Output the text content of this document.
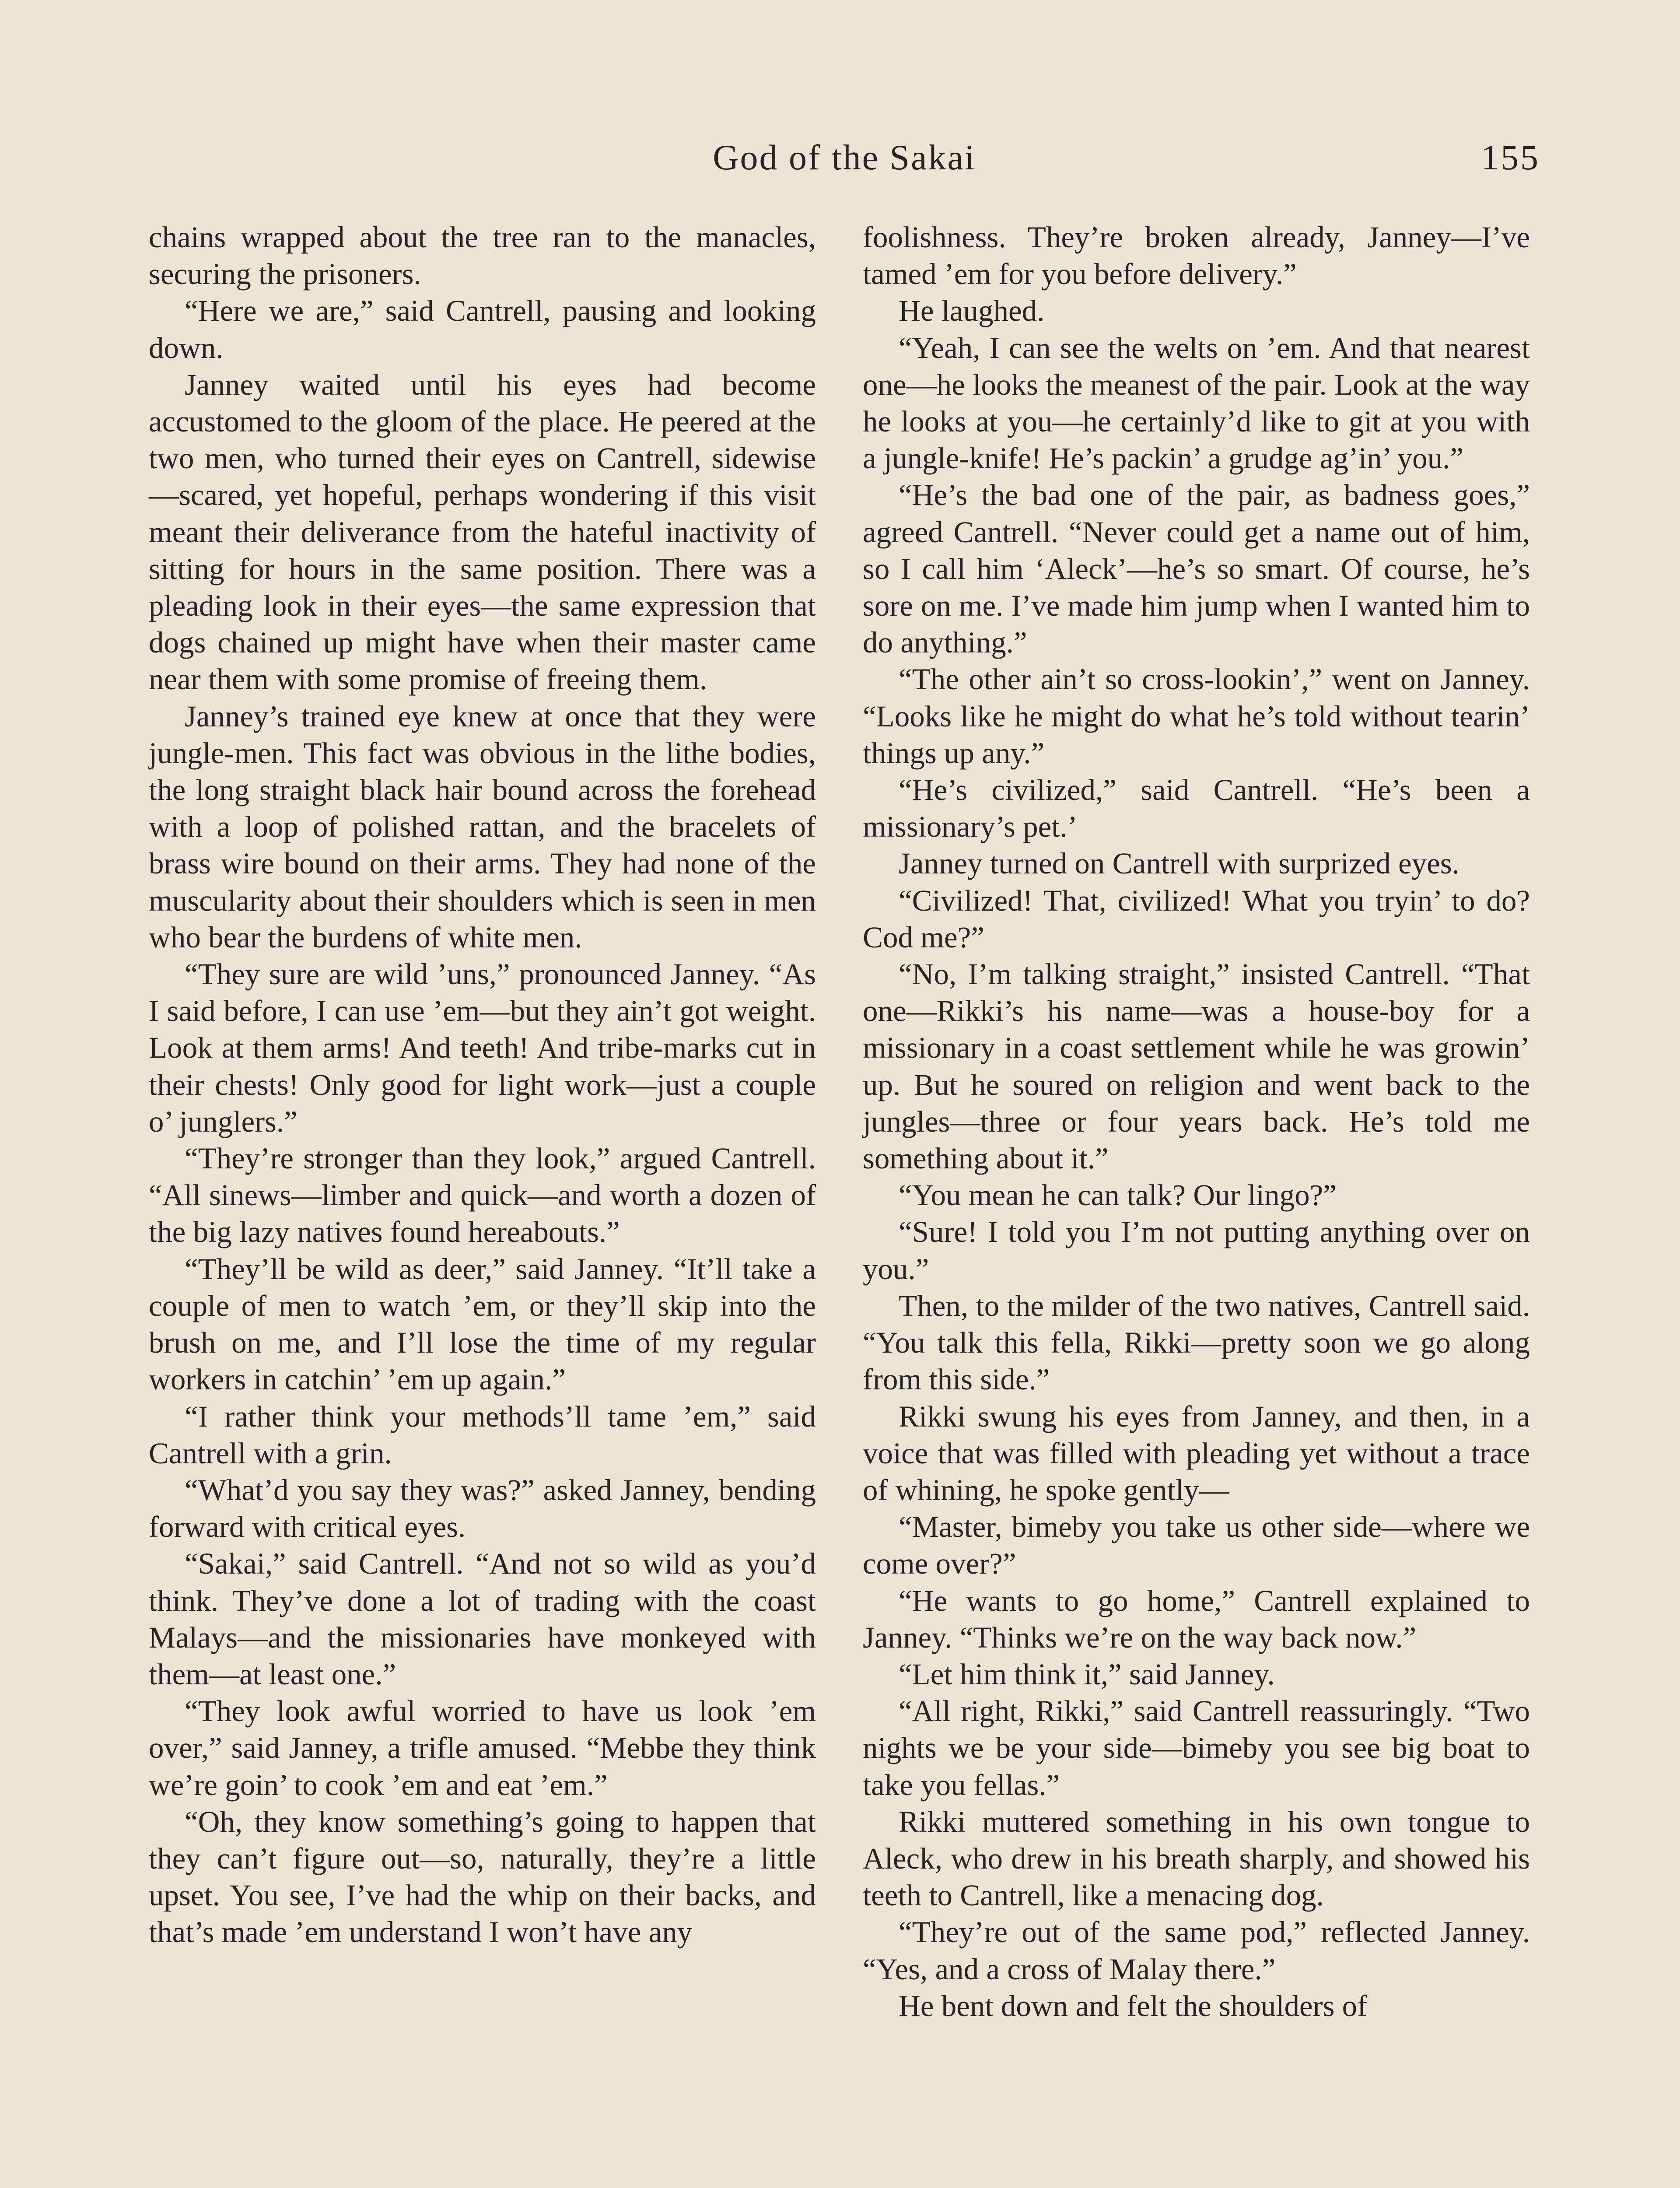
God of the Sakai	155

chains wrapped about the tree ran to the manacles, securing the prisoners.

“Here we are,” said Cantrell, pausing and looking down.

Janney waited until his eyes had become accustomed to the gloom of the place. He peered at the two men, who turned their eyes on Cantrell, sidewise—scared, yet hopeful, perhaps wondering if this visit meant their deliverance from the hateful inactivity of sitting for hours in the same position. There was a pleading look in their eyes—the same expression that dogs chained up might have when their master came near them with some promise of freeing them.

Janney’s trained eye knew at once that they were jungle-men. This fact was obvious in the lithe bodies, the long straight black hair bound across the forehead with a loop of polished rattan, and the bracelets of brass wire bound on their arms. They had none of the muscularity about their shoulders which is seen in men who bear the burdens of white men.

“They sure are wild ’uns,” pronounced Janney. “As I said before, I can use ’em—but they ain’t got weight. Look at them arms! And teeth! And tribe-marks cut in their chests! Only good for light work—just a couple o’ junglers.”

“They’re stronger than they look,” argued Cantrell. “All sinews—limber and quick—and worth a dozen of the big lazy natives found hereabouts.”

“They’ll be wild as deer,” said Janney. “It’ll take a couple of men to watch ’em, or they’ll skip into the brush on me, and I’ll lose the time of my regular workers in catchin’ ’em up again.”

“I rather think your methods’ll tame ’em,” said Cantrell with a grin.

“What’d you say they was?” asked Janney, bending forward with critical eyes.

“Sakai,” said Cantrell. “And not so wild as you’d think. They’ve done a lot of trading with the coast Malays—and the missionaries have monkeyed with them—at least one.”

“They look awful worried to have us look ’em over,” said Janney, a trifle amused. “Mebbe they think we’re goin’ to cook ’em and eat ’em.”

“Oh, they know something’s going to happen that they can’t figure out—so, naturally, they’re a little upset. You see, I’ve had the whip on their backs, and that’s made ’em understand I won’t have any

foolishness. They’re broken already, Janney—I’ve tamed ’em for you before delivery.”

He laughed.

“Yeah, I can see the welts on ’em. And that nearest one—he looks the meanest of the pair. Look at the way he looks at you—he certainly’d like to git at you with a jungle-knife! He’s packin’ a grudge ag’in’ you.”

“He’s the bad one of the pair, as badness goes,” agreed Cantrell. “Never could get a name out of him, so I call him ‘Aleck’—he’s so smart. Of course, he’s sore on me. I’ve made him jump when I wanted him to do anything.”

“The other ain’t so cross-lookin’,” went on Janney. “Looks like he might do what he’s told without tearin’ things up any.”

“He’s civilized,” said Cantrell. “He’s been a missionary’s pet.’

Janney turned on Cantrell with surprized eyes.

“Civilized! That, civilized! What you tryin’ to do? Cod me?”

“No, I’m talking straight,” insisted Cantrell. “That one—Rikki’s his name—was a house-boy for a missionary in a coast settlement while he was growin’ up. But he soured on religion and went back to the jungles—three or four years back. He’s told me something about it.”

“You mean he can talk? Our lingo?”

“Sure! I told you I’m not putting anything over on you.”

Then, to the milder of the two natives, Cantrell said. “You talk this fella, Rikki—pretty soon we go along from this side.”

Rikki swung his eyes from Janney, and then, in a voice that was filled with pleading yet without a trace of whining, he spoke gently—

“Master, bimeby you take us other side—where we come over?”

“He wants to go home,” Cantrell explained to Janney. “Thinks we’re on the way back now.”

“Let him think it,” said Janney.

“All right, Rikki,” said Cantrell reassuringly. “Two nights we be your side—bimeby you see big boat to take you fellas.”

Rikki muttered something in his own tongue to Aleck, who drew in his breath sharply, and showed his teeth to Cantrell, like a menacing dog.

“They’re out of the same pod,” reflected Janney. “Yes, and a cross of Malay there.”

He bent down and felt the shoulders of
